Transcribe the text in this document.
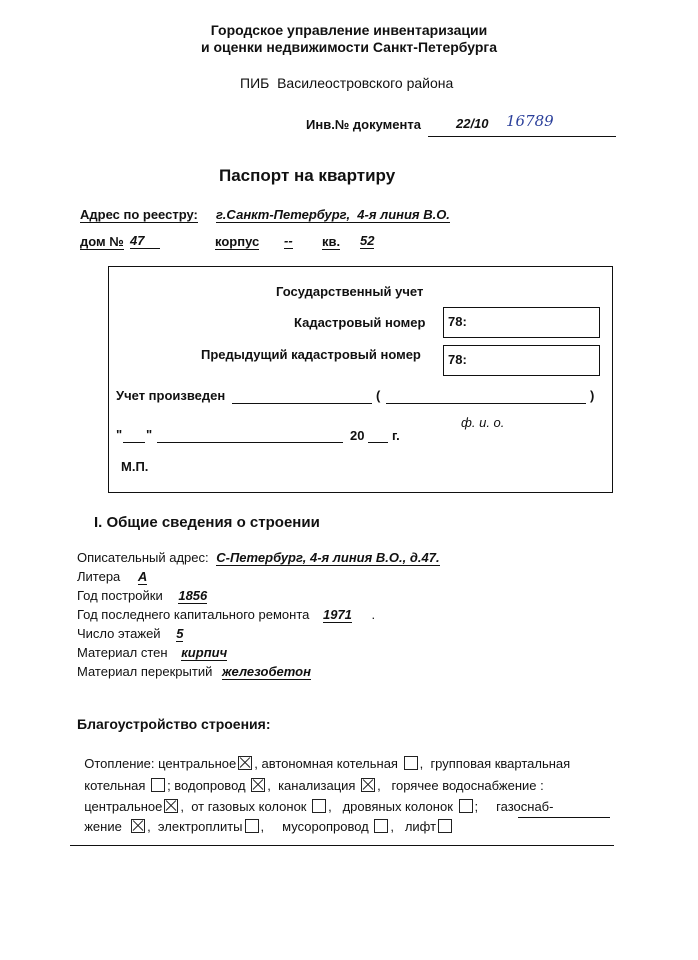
Городское управление инвентаризации
и оценки недвижимости Санкт-Петербурга
ПИБ  Василеостровского района
Инв.№ документа	22/10 16789
Паспорт на квартиру
Адрес по реестру: г.Санкт-Петербург,  4-я линия В.О.
дом № 47	корпус -- кв. 52
Государственный учет
Кадастровый номер	78:
Предыдущий кадастровый номер	78:
Учет произведен	(	)
ф. и. о.
" "	20 г.
М.П.
I. Общие сведения о строении
Описательный адрес: С-Петербург, 4-я линия В.О., д.47.
Литера А
Год постройки 1856
Год последнего капитального ремонта 1971 .
Число этажей 5
Материал стен кирпич
Материал перекрытий железобетон
Благоустройство строения:

Отопление: центральное , автономная котельная ,  групповая квартальная

котельная ; водопровод ,  канализация ,   горячее водоснабжение :

центральное ,  от газовых колонок ,   дровяных колонок ;     газоснаб-

жение ,  электроплиты ,     мусоропровод ,   лифт
